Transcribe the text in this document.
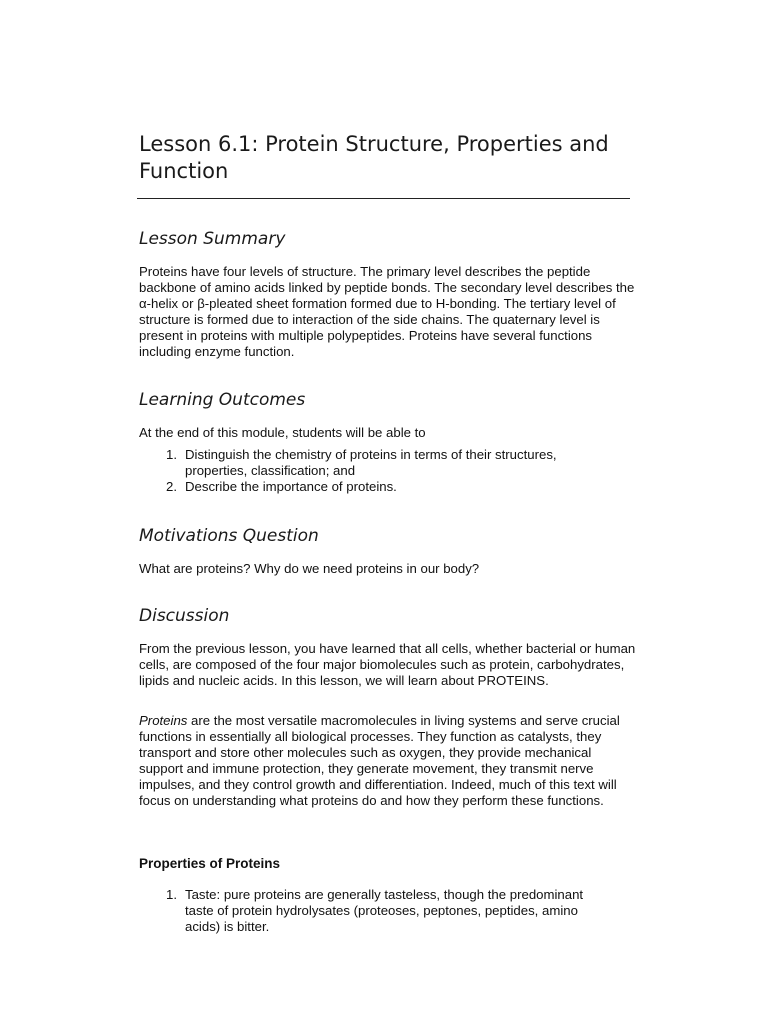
Lesson 6.1: Protein Structure, Properties and Function
Lesson Summary

Proteins have four levels of structure. The primary level describes the peptide backbone of amino acids linked by peptide bonds. The secondary level describes the α-helix or β-pleated sheet formation formed due to H-bonding. The tertiary level of structure is formed due to interaction of the side chains. The quaternary level is present in proteins with multiple polypeptides. Proteins have several functions including enzyme function.

Learning Outcomes

At the end of this module, students will be able to

1. Distinguish the chemistry of proteins in terms of their structures, properties, classification; and
2. Describe the importance of proteins.
Motivations Question

What are proteins? Why do we need proteins in our body?

Discussion

From the previous lesson, you have learned that all cells, whether bacterial or human cells, are composed of the four major biomolecules such as protein, carbohydrates, lipids and nucleic acids. In this lesson, we will learn about PROTEINS.

Proteins are the most versatile macromolecules in living systems and serve crucial functions in essentially all biological processes. They function as catalysts, they transport and store other molecules such as oxygen, they provide mechanical support and immune protection, they generate movement, they transmit nerve impulses, and they control growth and differentiation. Indeed, much of this text will focus on understanding what proteins do and how they perform these functions.

Properties of Proteins
1. Taste: pure proteins are generally tasteless, though the predominant taste of protein hydrolysates (proteoses, peptones, peptides, amino acids) is bitter.
